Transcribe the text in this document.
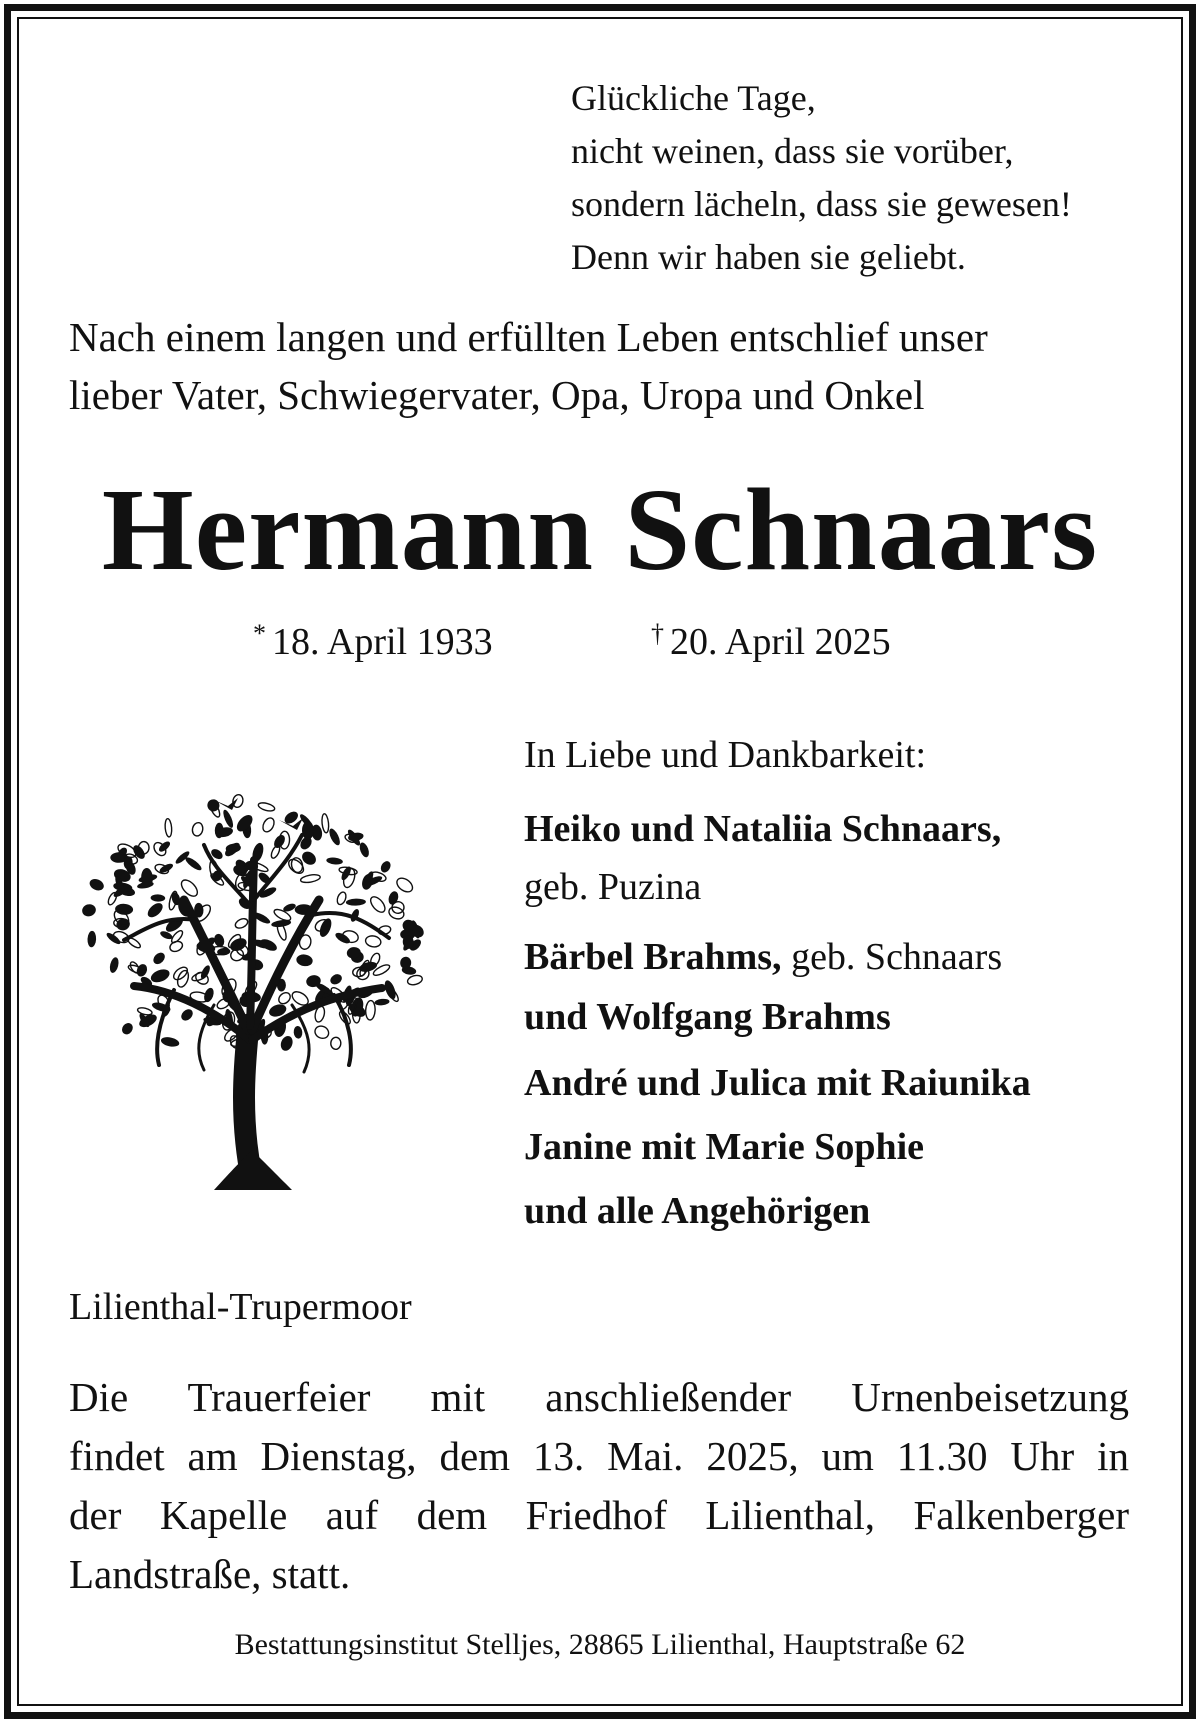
Glückliche Tage,
nicht weinen, dass sie vorüber,
sondern lächeln, dass sie gewesen!
Denn wir haben sie geliebt.
Nach einem langen und erfüllten Leben entschlief unser
lieber Vater, Schwiegervater, Opa, Uropa und Onkel
Hermann Schnaars
* 18. April 1933	† 20. April 2025
In Liebe und Dankbarkeit:
Heiko und Nataliia Schnaars,
geb. Puzina
Bärbel Brahms, geb. Schnaars
und Wolfgang Brahms
André und Julica mit Raiunika
Janine mit Marie Sophie
und alle Angehörigen
Lilienthal-Trupermoor
Die Trauerfeier mit anschließender Urnenbeisetzung
findet am Dienstag, dem 13. Mai. 2025, um 11.30 Uhr in
der Kapelle auf dem Friedhof Lilienthal, Falkenberger
Landstraße, statt.
Bestattungsinstitut Stelljes, 28865 Lilienthal, Hauptstraße 62
